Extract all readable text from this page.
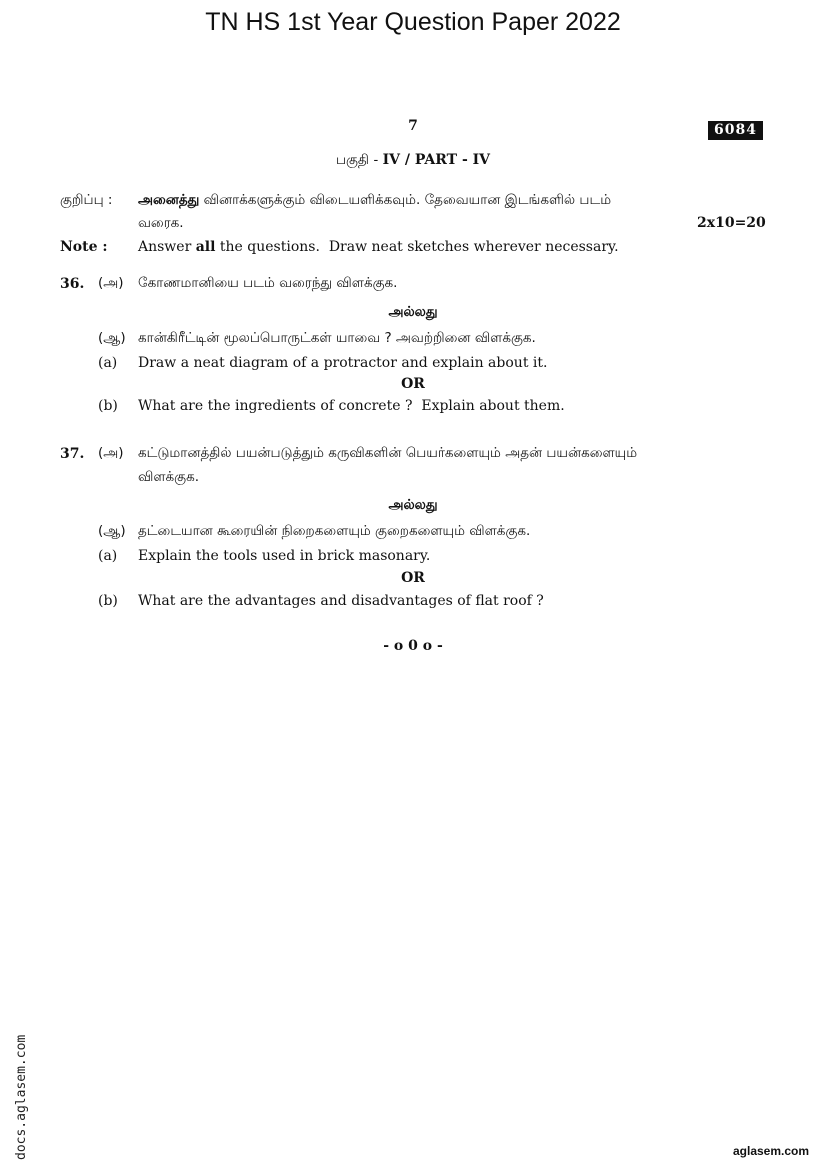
TN HS 1st Year Question Paper 2022
7	6084
பகுதி - IV / PART - IV
குறிப்பு : அனைத்து வினாக்களுக்கும் விடையளிக்கவும். தேவையான இடங்களில் படம்
வரைக.	2x10=20
Note : Answer all the questions.  Draw neat sketches wherever necessary.
36. (அ) கோணமானியை படம் வரைந்து விளக்குக.
அல்லது
(ஆ) கான்கிரீட்டின் மூலப்பொருட்கள் யாவை ? அவற்றினை விளக்குக.
(a) Draw a neat diagram of a protractor and explain about it.
OR
(b) What are the ingredients of concrete ?  Explain about them.
37. (அ) கட்டுமானத்தில் பயன்படுத்தும் கருவிகளின் பெயர்களையும் அதன் பயன்களையும்
விளக்குக.
அல்லது
(ஆ) தட்டையான கூரையின் நிறைகளையும் குறைகளையும் விளக்குக.
(a) Explain the tools used in brick masonary.
OR
(b) What are the advantages and disadvantages of flat roof ?
- o 0 o -
docs.aglasem.com	aglasem.com
